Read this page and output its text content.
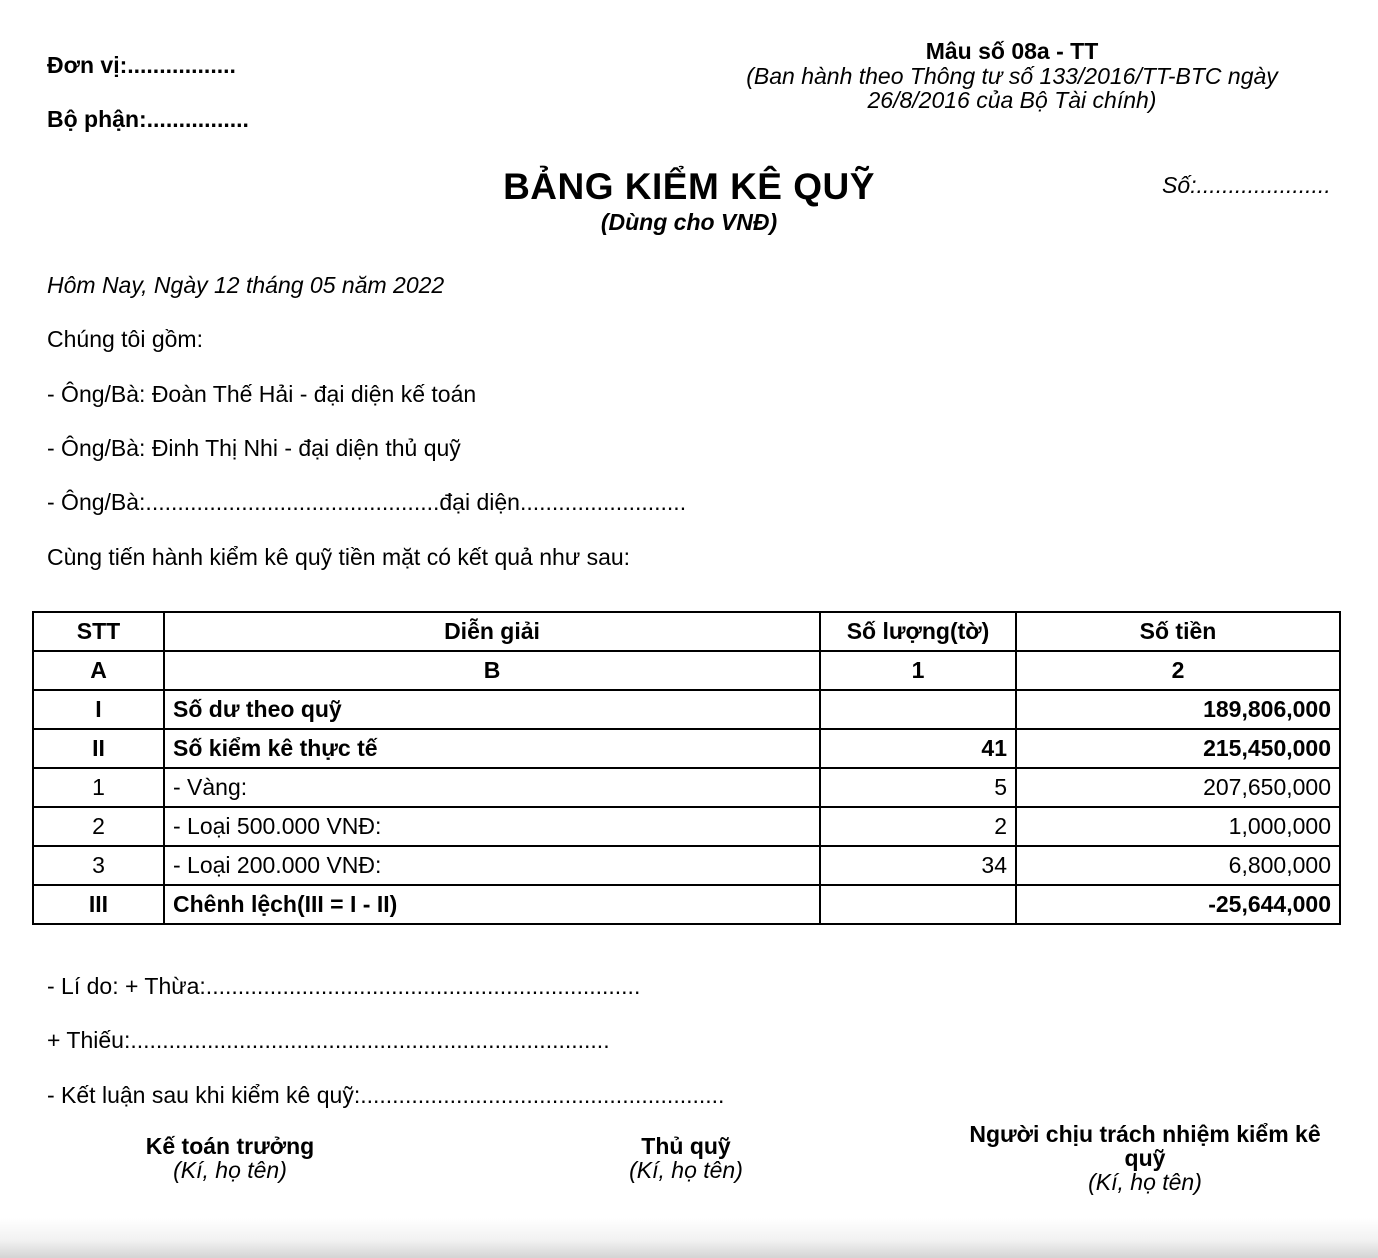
Đơn vị:.................
Bộ phận:................
Mâu số 08a - TT
(Ban hành theo Thông tư số 133/2016/TT-BTC ngày 26/8/2016 của Bộ Tài chính)
BẢNG KIỂM KÊ QUỸ
(Dùng cho VNĐ)
Số:.....................
Hôm Nay, Ngày 12 tháng 05 năm 2022
Chúng tôi gồm:
- Ông/Bà: Đoàn Thế Hải - đại diện kế toán
- Ông/Bà: Đinh Thị Nhi - đại diện thủ quỹ
- Ông/Bà:..............................................đại diện..........................
Cùng tiến hành kiểm kê quỹ tiền mặt có kết quả như sau:
STT	Diễn giải	Số lượng(tờ)	Số tiền
A	B	1	2
I	Số dư theo quỹ		189,806,000
II	Số kiểm kê thực tế	41	215,450,000
1	- Vàng:	5	207,650,000
2	- Loại 500.000 VNĐ:	2	1,000,000
3	- Loại 200.000 VNĐ:	34	6,800,000
III	Chênh lệch(III = I - II)		-25,644,000
- Lí do: + Thừa:....................................................................
+ Thiếu:...........................................................................
- Kết luận sau khi kiểm kê quỹ:.........................................................
Kế toán trưởng
(Kí, họ tên)
Thủ quỹ
(Kí, họ tên)
Người chịu trách nhiệm kiểm kê quỹ
(Kí, họ tên)
